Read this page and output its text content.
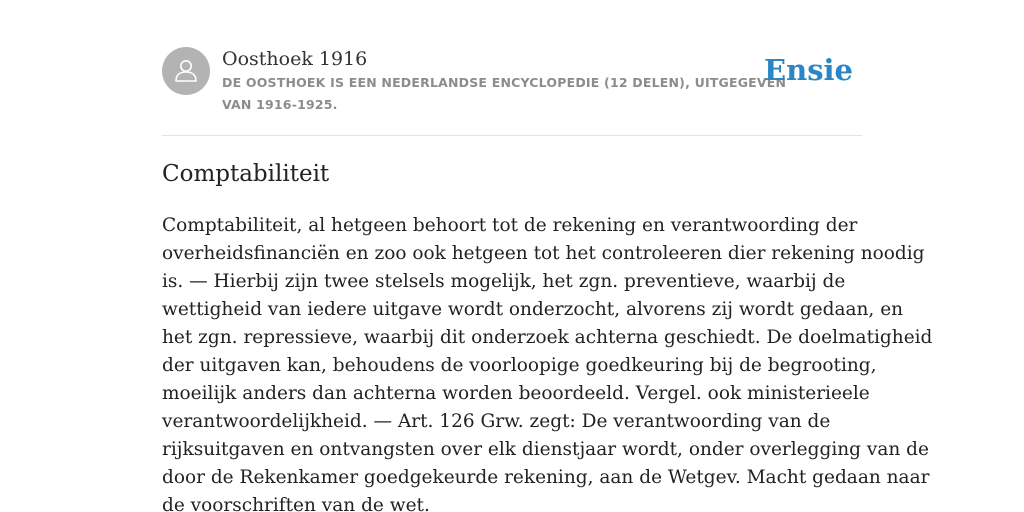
Oosthoek 1916
DE OOSTHOEK IS EEN NEDERLANDSE ENCYCLOPEDIE (12 DELEN), UITGEGEVEN
VAN 1916-1925.
Ensie
Comptabiliteit
Comptabiliteit, al hetgeen behoort tot de rekening en verantwoording der
overheidsfinanciën en zoo ook hetgeen tot het controleeren dier rekening noodig
is. — Hierbij zijn twee stelsels mogelijk, het zgn. preventieve, waarbij de
wettigheid van iedere uitgave wordt onderzocht, alvorens zij wordt gedaan, en
het zgn. repressieve, waarbij dit onderzoek achterna geschiedt. De doelmatigheid
der uitgaven kan, behoudens de voorloopige goedkeuring bij de begrooting,
moeilijk anders dan achterna worden beoordeeld. Vergel. ook ministerieele
verantwoordelijkheid. — Art. 126 Grw. zegt: De verantwoording van de
rijksuitgaven en ontvangsten over elk dienstjaar wordt, onder overlegging van de
door de Rekenkamer goedgekeurde rekening, aan de Wetgev. Macht gedaan naar
de voorschriften van de wet.
